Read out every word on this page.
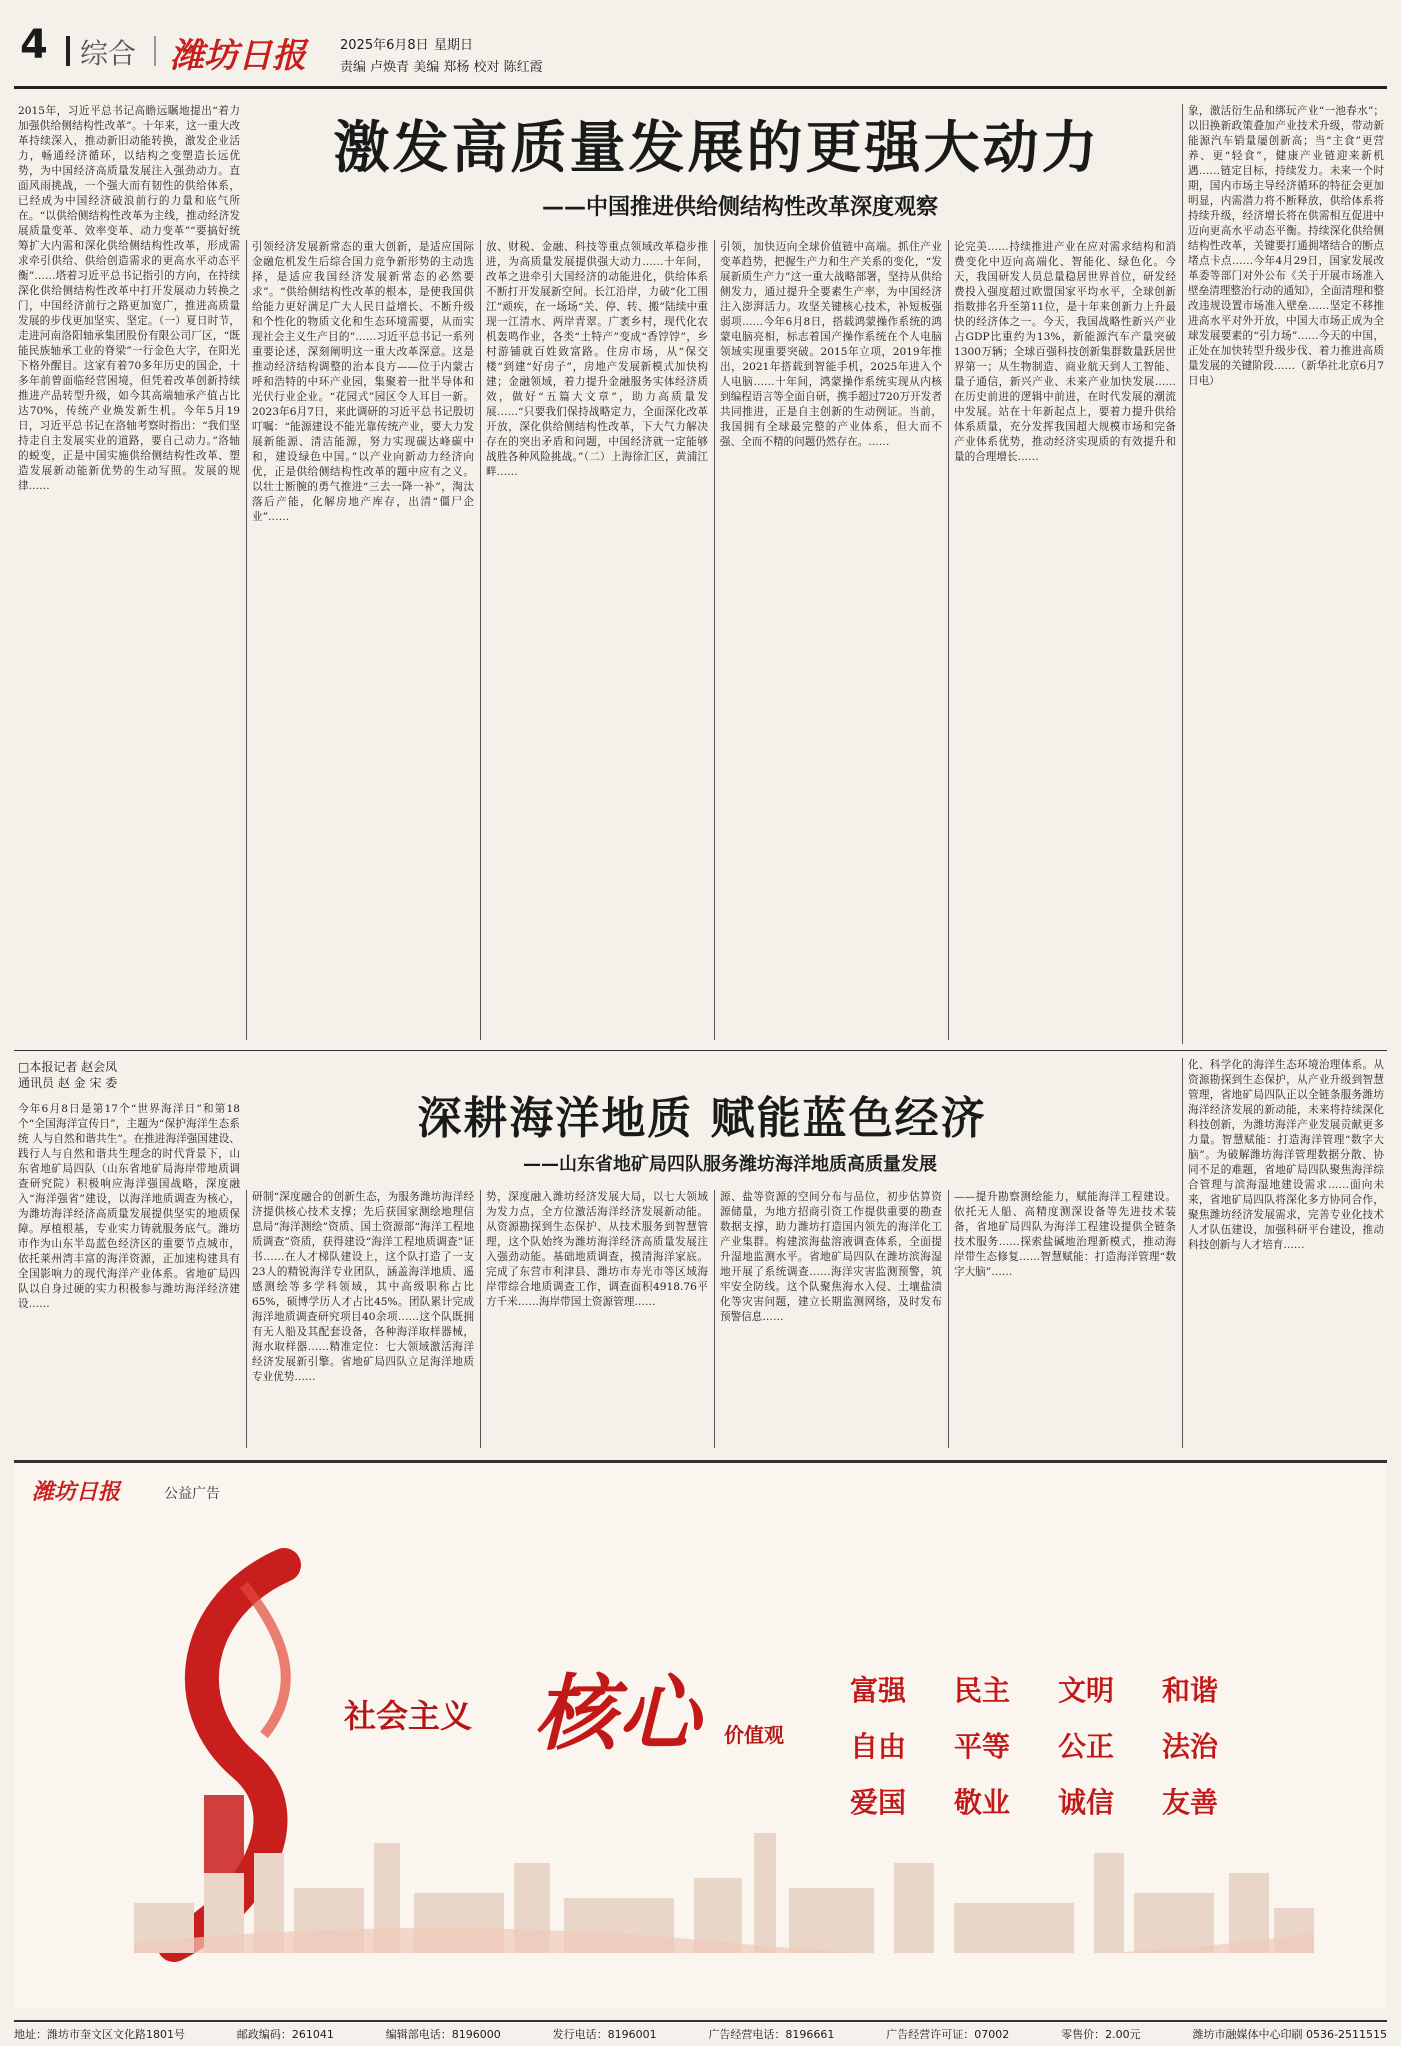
4 综合 潍坊日报	2025年6月8日 星期日
责编 卢焕青 美编 郑杨 校对 陈红霞
激发高质量发展的更强大动力
——中国推进供给侧结构性改革深度观察
2015年，习近平总书记高瞻远瞩地提出“着力加强供给侧结构性改革”。十年来，这一重大改革持续深入，推动新旧动能转换，激发企业活力，畅通经济循环，以结构之变塑造长远优势，为中国经济高质量发展注入强劲动力。直面风雨挑战，一个强大而有韧性的供给体系，已经成为中国经济破浪前行的力量和底气所在。“以供给侧结构性改革为主线，推动经济发展质量变革、效率变革、动力变革”“要搞好统筹扩大内需和深化供给侧结构性改革，形成需求牵引供给、供给创造需求的更高水平动态平衡”……塔着习近平总书记指引的方向，在持续深化供给侧结构性改革中打开发展动力转换之门，中国经济前行之路更加宽广，推进高质量发展的步伐更加坚实、坚定。（一）夏日时节，走进河南洛阳轴承集团股份有限公司厂区，“既能民族轴承工业的脊梁”一行金色大字，在阳光下格外醒目。这家有着70多年历史的国企，十多年前曾面临经营困境，但凭着改革创新持续推进产品转型升级，如今其高端轴承产值占比达70%，传统产业焕发新生机。今年5月19日，习近平总书记在洛轴考察时指出：“我们坚持走自主发展实业的道路，要自己动力。”洛轴的蜕变，正是中国实施供给侧结构性改革、塑造发展新动能新优势的生动写照。发展的规律……
引领经济发展新常态的重大创新，是适应国际金融危机发生后综合国力竞争新形势的主动选择，是适应我国经济发展新常态的必然要求”。“供给侧结构性改革的根本，是使我国供给能力更好满足广大人民日益增长、不断升级和个性化的物质文化和生态环境需要，从而实现社会主义生产目的”……习近平总书记一系列重要论述，深刻阐明这一重大改革深意。这是推动经济结构调整的治本良方——位于内蒙古呼和浩特的中环产业园，集聚着一批半导体和光伏行业企业。“花园式”园区令人耳目一新。2023年6月7日，来此调研的习近平总书记殷切叮嘱：“能源建设不能光靠传统产业，要大力发展新能源、清洁能源，努力实现碳达峰碳中和，建设绿色中国。”以产业向新动力经济向优，正是供给侧结构性改革的题中应有之义。以壮士断腕的勇气推进“三去一降一补”，淘汰落后产能，化解房地产库存，出清“僵尸企业”……
放、财税、金融、科技等重点领域改革稳步推进，为高质量发展提供强大动力……十年间，改革之进牵引大国经济的动能进化，供给体系不断打开发展新空间。长江沿岸，力破“化工围江”顽疾，在一场场“关、停、转、搬”陆续中重现一江清水、两岸青翠。广袤乡村，现代化农机轰鸣作业，各类“土特产”变成“香饽饽”，乡村游铺就百姓致富路。住房市场，从“保交楼”到建“好房子”，房地产发展新模式加快构建；金融领域，着力提升金融服务实体经济质效，做好“五篇大文章”，助力高质量发展……“只要我们保持战略定力，全面深化改革开放，深化供给侧结构性改革，下大气力解决存在的突出矛盾和问题，中国经济就一定能够战胜各种风险挑战。”（二）上海徐汇区，黄浦江畔……
引领，加快迈向全球价值链中高端。抓住产业变革趋势，把握生产力和生产关系的变化，“发展新质生产力”这一重大战略部署，坚持从供给侧发力，通过提升全要素生产率，为中国经济注入澎湃活力。攻坚关键核心技术，补短板强弱项……今年6月8日，搭载鸿蒙操作系统的鸿蒙电脑亮相，标志着国产操作系统在个人电脑领域实现重要突破。2015年立项，2019年推出，2021年搭载到智能手机，2025年进入个人电脑……十年间，鸿蒙操作系统实现从内核到编程语言等全面自研，携手超过720万开发者共同推进，正是自主创新的生动例证。当前，我国拥有全球最完整的产业体系，但大而不强、全而不精的问题仍然存在。……
论完美……持续推进产业在应对需求结构和消费变化中迈向高端化、智能化、绿色化。今天，我国研发人员总量稳居世界首位，研发经费投入强度超过欧盟国家平均水平，全球创新指数排名升至第11位，是十年来创新力上升最快的经济体之一。今天，我国战略性新兴产业占GDP比重约为13%，新能源汽车产量突破1300万辆；全球百强科技创新集群数量跃居世界第一；从生物制造、商业航天到人工智能、量子通信，新兴产业、未来产业加快发展……在历史前进的逻辑中前进，在时代发展的潮流中发展。站在十年新起点上，要着力提升供给体系质量，充分发挥我国超大规模市场和完备产业体系优势，推动经济实现质的有效提升和量的合理增长……
象，激活衍生品和绑玩产业“一池春水”；以旧换新政策叠加产业技术升级，带动新能源汽车销量屡创新高；当“主食”更营养、更“轻食”，健康产业链迎来新机遇……链定目标，持续发力。未来一个时期，国内市场主导经济循环的特征会更加明显，内需潜力将不断释放，供给体系将持续升级，经济增长将在供需相互促进中迈向更高水平动态平衡。持续深化供给侧结构性改革，关键要打通拥堵结合的断点堵点卡点……今年4月29日，国家发展改革委等部门对外公布《关于开展市场准入壁垒清理整治行动的通知》，全面清理和整改违规设置市场准入壁垒……坚定不移推进高水平对外开放，中国大市场正成为全球发展要素的“引力场”……今天的中国，正处在加快转型升级步伐、着力推进高质量发展的关键阶段……（新华社北京6月7日电）
□本报记者 赵会凤
通讯员 赵 金 宋 委
深耕海洋地质 赋能蓝色经济
——山东省地矿局四队服务潍坊海洋地质高质量发展
今年6月8日是第17个“世界海洋日”和第18个“全国海洋宣传日”，主题为“保护海洋生态系统 人与自然和谐共生”。在推进海洋强国建设、践行人与自然和谐共生理念的时代背景下，山东省地矿局四队（山东省地矿局海岸带地质调查研究院）积极响应海洋强国战略，深度融入“海洋强省”建设，以海洋地质调查为核心，为潍坊海洋经济高质量发展提供坚实的地质保障。厚植根基，专业实力铸就服务底气。潍坊市作为山东半岛蓝色经济区的重要节点城市，依托莱州湾丰富的海洋资源，正加速构建具有全国影响力的现代海洋产业体系。省地矿局四队以自身过硬的实力积极参与潍坊海洋经济建设……
研制“深度融合的创新生态，为服务潍坊海洋经济提供核心技术支撑；先后获国家测绘地理信息局“海洋测绘”资质、国土资源部“海洋工程地质调查”资质，获得建设“海洋工程地质调查”证书……在人才梯队建设上，这个队打造了一支23人的精锐海洋专业团队，涵盖海洋地质、遥感测绘等多学科领域，其中高级职称占比65%，硕博学历人才占比45%。团队累计完成海洋地质调查研究项目40余项……这个队既拥有无人船及其配套设备，各种海洋取样器械，海水取样器……精准定位：七大领域激活海洋经济发展新引擎。省地矿局四队立足海洋地质专业优势……
势，深度融入潍坊经济发展大局，以七大领域为发力点，全方位激活海洋经济发展新动能。从资源勘探到生态保护、从技术服务到智慧管理，这个队始终为潍坊海洋经济高质量发展注入强劲动能。基础地质调查，摸清海洋家底。完成了东营市利津县、潍坊市寿光市等区域海岸带综合地质调查工作，调查面积4918.76平方千米……海岸带国土资源管理……
源、盐等资源的空间分布与品位，初步估算资源储量，为地方招商引资工作提供重要的勘查数据支撑，助力潍坊打造国内领先的海洋化工产业集群。构建滨海盐溶液调查体系，全面提升湿地监测水平。省地矿局四队在潍坊滨海湿地开展了系统调查……海洋灾害监测预警，筑牢安全防线。这个队聚焦海水入侵、土壤盐渍化等灾害问题，建立长期监测网络，及时发布预警信息……
——提升勘察测绘能力，赋能海洋工程建设。依托无人船、高精度测深设备等先进技术装备，省地矿局四队为海洋工程建设提供全链条技术服务……探索盐碱地治理新模式，推动海岸带生态修复……智慧赋能：打造海洋管理“数字大脑”……
化、科学化的海洋生态环境治理体系。从资源勘探到生态保护，从产业升级到智慧管理，省地矿局四队正以全链条服务潍坊海洋经济发展的新动能，未来将持续深化科技创新，为潍坊海洋产业发展贡献更多力量。智慧赋能：打造海洋管理“数字大脑”。为破解潍坊海洋管理数据分散、协同不足的难题，省地矿局四队聚焦海洋综合管理与滨海湿地建设需求……面向未来，省地矿局四队将深化多方协同合作，聚焦潍坊经济发展需求，完善专业化技术人才队伍建设，加强科研平台建设，推动科技创新与人才培育……
潍坊日报	公益广告
社会主义 核心 价值观
富强 民主 文明 和谐 自由 平等 公正 法治 爱国 敬业 诚信 友善
地址：潍坊市奎文区文化路1801号	邮政编码：261041	编辑部电话：8196000	发行电话：8196001	广告经营电话：8196661	广告经营许可证：07002	零售价：2.00元	潍坊市融媒体中心印刷 0536-2511515
